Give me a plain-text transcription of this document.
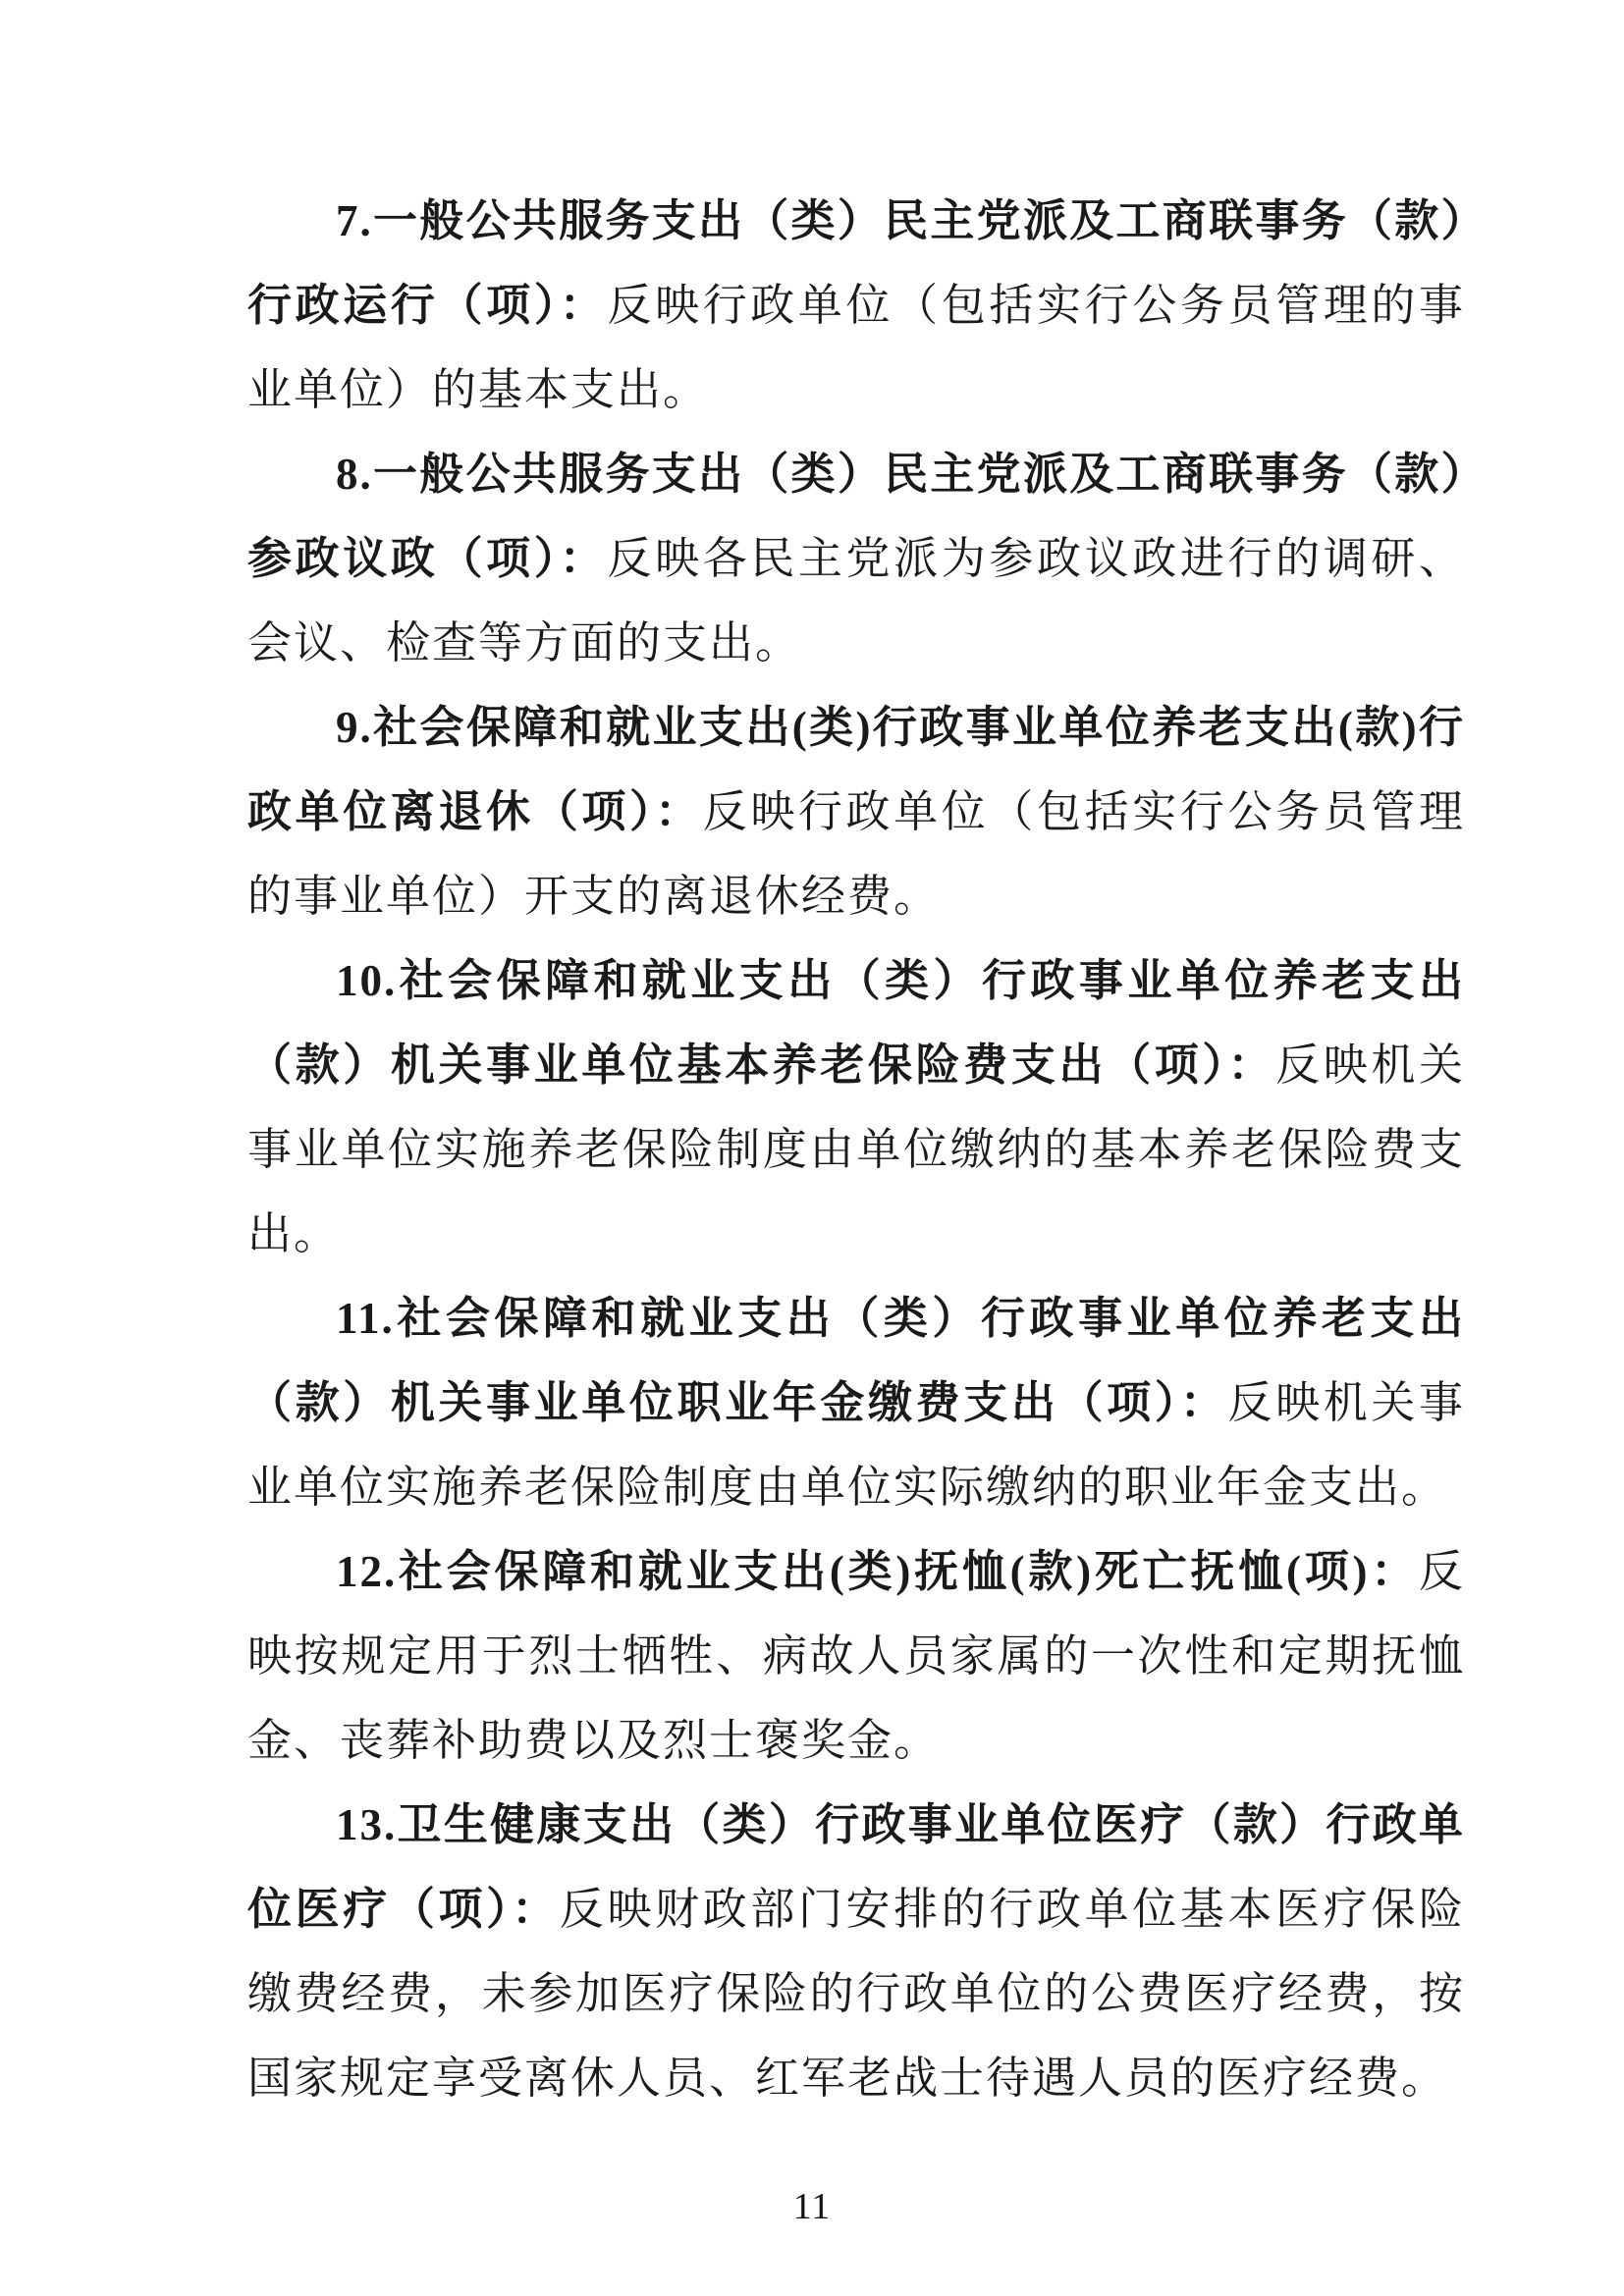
7.一般公共服务支出（类）民主党派及工商联事务（款）行政运行（项）：反映行政单位（包括实行公务员管理的事业单位）的基本支出。

8.一般公共服务支出（类）民主党派及工商联事务（款）参政议政（项）：反映各民主党派为参政议政进行的调研、会议、检查等方面的支出。

9.社会保障和就业支出(类)行政事业单位养老支出(款)行政单位离退休（项）：反映行政单位（包括实行公务员管理的事业单位）开支的离退休经费。

10.社会保障和就业支出（类）行政事业单位养老支出（款）机关事业单位基本养老保险费支出（项）：反映机关事业单位实施养老保险制度由单位缴纳的基本养老保险费支出。

11.社会保障和就业支出（类）行政事业单位养老支出（款）机关事业单位职业年金缴费支出（项）：反映机关事业单位实施养老保险制度由单位实际缴纳的职业年金支出。

12.社会保障和就业支出(类)抚恤(款)死亡抚恤(项)：反映按规定用于烈士牺牲、病故人员家属的一次性和定期抚恤金、丧葬补助费以及烈士褒奖金。

13.卫生健康支出（类）行政事业单位医疗（款）行政单位医疗（项）：反映财政部门安排的行政单位基本医疗保险缴费经费，未参加医疗保险的行政单位的公费医疗经费，按国家规定享受离休人员、红军老战士待遇人员的医疗经费。

11
